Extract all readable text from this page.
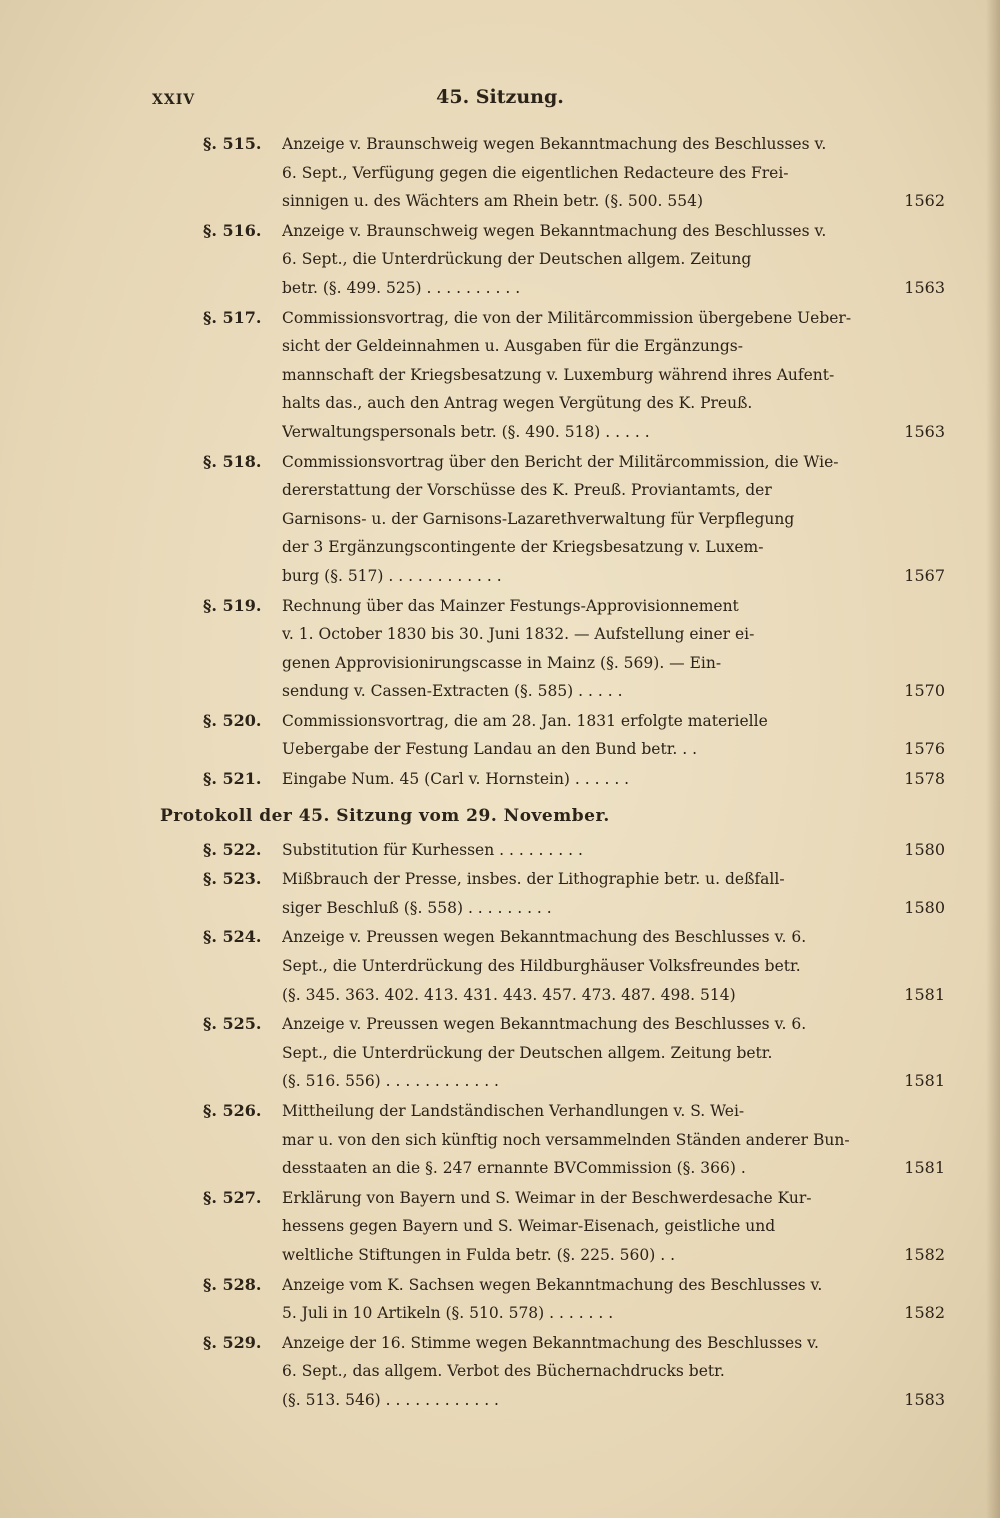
XXIV	45. Sitzung.
§. 515. Anzeige v. Braunschweig wegen Bekanntmachung des Beschlusses v.
6. Sept., Verfügung gegen die eigentlichen Redacteure des Frei-
sinnigen u. des Wächters am Rhein betr. (§. 500. 554)	1562
§. 516. Anzeige v. Braunschweig wegen Bekanntmachung des Beschlusses v.
6. Sept., die Unterdrückung der Deutschen allgem. Zeitung
betr. (§. 499. 525) . . . . . . . . . .	1563
§. 517. Commissionsvortrag, die von der Militärcommission übergebene Ueber-
sicht der Geldeinnahmen u. Ausgaben für die Ergänzungs-
mannschaft der Kriegsbesatzung v. Luxemburg während ihres Aufent-
halts das., auch den Antrag wegen Vergütung des K. Preuß.
Verwaltungspersonals betr. (§. 490. 518) . . . . .	1563
§. 518. Commissionsvortrag über den Bericht der Militärcommission, die Wie-
dererstattung der Vorschüsse des K. Preuß. Proviantamts, der
Garnisons- u. der Garnisons-Lazarethverwaltung für Verpflegung
der 3 Ergänzungscontingente der Kriegsbesatzung v. Luxem-
burg (§. 517) . . . . . . . . . . . .	1567
§. 519. Rechnung über das Mainzer Festungs-Approvisionnement
v. 1. October 1830 bis 30. Juni 1832. — Aufstellung einer ei-
genen Approvisionirungscasse in Mainz (§. 569). — Ein-
sendung v. Cassen-Extracten (§. 585) . . . . .	1570
§. 520. Commissionsvortrag, die am 28. Jan. 1831 erfolgte materielle
Uebergabe der Festung Landau an den Bund betr. . .	1576
§. 521. Eingabe Num. 45 (Carl v. Hornstein) . . . . . .	1578
Protokoll der 45. Sitzung vom 29. November.
§. 522. Substitution für Kurhessen . . . . . . . . .	1580
§. 523. Mißbrauch der Presse, insbes. der Lithographie betr. u. deßfall-
siger Beschluß (§. 558) . . . . . . . . .	1580
§. 524. Anzeige v. Preussen wegen Bekanntmachung des Beschlusses v. 6.
Sept., die Unterdrückung des Hildburghäuser Volksfreundes betr.
(§. 345. 363. 402. 413. 431. 443. 457. 473. 487. 498. 514)	1581
§. 525. Anzeige v. Preussen wegen Bekanntmachung des Beschlusses v. 6.
Sept., die Unterdrückung der Deutschen allgem. Zeitung betr.
(§. 516. 556) . . . . . . . . . . . .	1581
§. 526. Mittheilung der Landständischen Verhandlungen v. S. Wei-
mar u. von den sich künftig noch versammelnden Ständen anderer Bun-
desstaaten an die §. 247 ernannte BVCommission (§. 366) .	1581
§. 527. Erklärung von Bayern und S. Weimar in der Beschwerdesache Kur-
hessens gegen Bayern und S. Weimar-Eisenach, geistliche und
weltliche Stiftungen in Fulda betr. (§. 225. 560) . .	1582
§. 528. Anzeige vom K. Sachsen wegen Bekanntmachung des Beschlusses v.
5. Juli in 10 Artikeln (§. 510. 578) . . . . . . .	1582
§. 529. Anzeige der 16. Stimme wegen Bekanntmachung des Beschlusses v.
6. Sept., das allgem. Verbot des Büchernachdrucks betr.
(§. 513. 546) . . . . . . . . . . . .	1583
